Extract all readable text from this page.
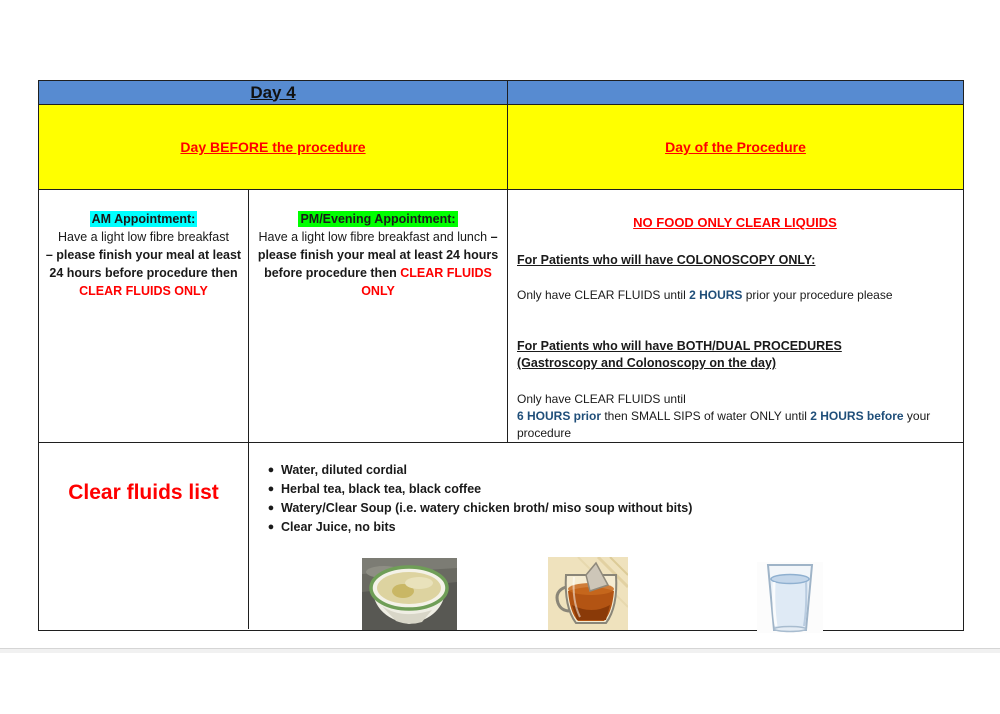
Day 4
Day BEFORE the procedure	Day of the Procedure
AM Appointment:
Have a light low fibre breakfast
– please finish your meal at least 24 hours before procedure then
CLEAR FLUIDS ONLY
PM/Evening Appointment:
Have a light low fibre breakfast and lunch – please finish your meal at least 24 hours before procedure then CLEAR FLUIDS ONLY
NO FOOD ONLY CLEAR LIQUIDS
For Patients who will have COLONOSCOPY ONLY:
Only have CLEAR FLUIDS until 2 HOURS prior your procedure please
For Patients who will have BOTH/DUAL PROCEDURES
(Gastroscopy and Colonoscopy on the day)
Only have CLEAR FLUIDS until
6 HOURS prior then SMALL SIPS of water ONLY until 2 HOURS before your
procedure
Clear fluids list
● Water, diluted cordial
● Herbal tea, black tea, black coffee
● Watery/Clear Soup (i.e. watery chicken broth/ miso soup without bits)
● Clear Juice, no bits
